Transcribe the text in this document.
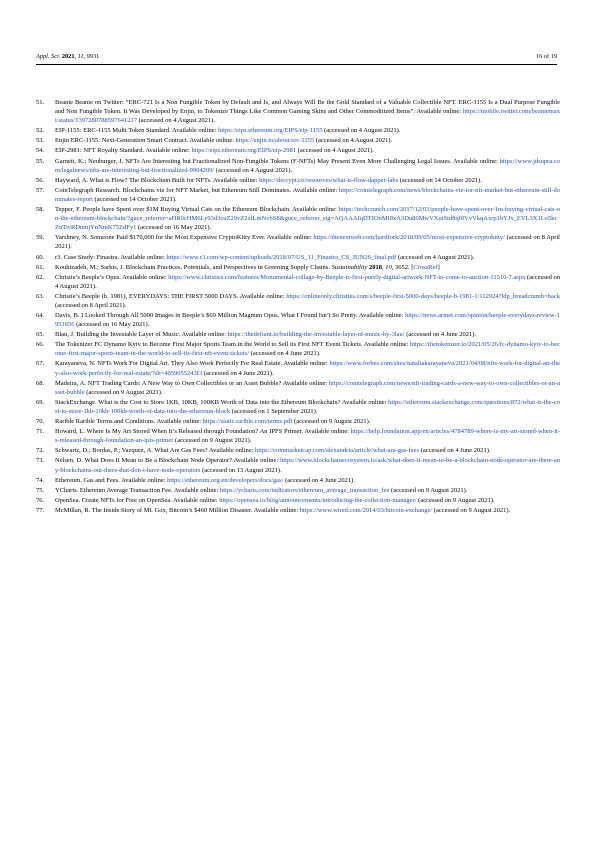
Appl. Sci. 2021, 11, 9931	16 of 19
51.	Beanie Beanie on Twitter: “ERC-721 Is a Non Fungible Token by Default and Is, and Always Will Be the Gold Standard of a Valuable Collectible NFT. ERC-1155 Is a Dual Purpose Fungible and Non Fungible Token. It Was Developed by Enjin, to Tokenize Things Like Common Gaming Skins and Other Commoditized Items”. Available online: https://mobile.twitter.com/beaniemaxi/status/1397280788597641217 (accessed on 4 August 2021).
52.	EIP-1155: ERC-1155 Multi Token Standard. Available online: https://eips.ethereum.org/EIPS/eip-1155 (accessed on 4 August 2021).
53.	Enjin ERC-1155: Next-Generation Smart Contract. Available online: https://enjin.io/about/erc-1155 (accessed on 4 August 2021).
54.	EIP-2981: NFT Royalty Standard. Available online: https://eips.ethereum.org/EIPS/eip-2981 (accessed on 4 August 2021).
55.	Garnett, K.; Neuburger, J. NFTs Are Interesting but Fractionalized Non-Fungible Tokens (F-NFTs) May Present Even More Challenging Legal Issues. Available online: https://www.jdsupra.com/legalnews/nfts-are-interesting-but-fractionalized-9904209/ (accessed on 4 August 2021).
56.	Hayward, A. What is Flow? The Blockchain Built for NFTs. Available online: https://decrypt.co/resources/what-is-flow-dapper-labs (accessed on 14 October 2021).
57.	CoinTelegraph Research. Blockchains vie for NFT Market, but Ethereum Still Dominates. Available online: https://cointelegraph.com/news/blockchains-vie-for-nft-market-but-ethereum-still-dominates-report (accessed on 14 October 2021).
58.	Tepper, F. People have Spent over $1M Buying Virtual Cats on the Ethereum Blockchain. Available online: https://techcrunch.com/2017/12/03/people-have-spent-over-1m-buying-virtual-cats-on-the-ethereum-blockchain/?guce_referrer=aHR0cHM6Ly93d3cuZ29vZ2xlLmNvbS8&guce_referrer_sig=AQAAAIqDTIOnMI8xA3Du86MwVXutStd8q0IVvVkqAxrp1bYJx_EVL3X1Lo5krZuTivRDumjYnNmK75ZdFy1 (accessed on 16 May 2021).
59.	Varshney, N. Someone Paid $170,000 for the Most Expensive CryptoKitty Ever. Available online: https://thenextweb.com/hardfork/2018/09/05/most-expensive-cryptokitty/ (accessed on 8 April 2021).
60.	r3. Case Study: Finastra. Available online: https://www.r3.com/wp-content/uploads/2018/07/US_11_Finastra_CS_JUN26_final.pdf (accessed on 4 August 2021).
61.	Kouhizadeh, M.; Sarkis, J. Blockchain Practices, Potentials, and Perspectives in Greening Supply Chains. Sustainability 2018, 10, 3652. [CrossRef]
62.	Christie’s Beeple’s Opus. Available online: https://www.christies.com/features/Monumental-collage-by-Beeple-is-first-purely-digital-artwork-NFT-to-come-to-auction-11510-7.aspx (accessed on 4 August 2021).
63.	Christie’s Beeple (b. 1981), EVERYDAYS: THE FIRST 5000 DAYS. Available online: https://onlineonly.christies.com/s/beeple-first-5000-days/beeple-b-1981-1/112924?ldp_breadcrumb=back (accessed on 8 April 2021).
64.	Davis, B. I Looked Through All 5000 Images in Beeple’s $69 Million Magnum Opus. What I Found Isn’t So Pretty. Available online: https://news.artnet.com/opinion/beeple-everydays-review-1951656 (accessed on 16 May 2021).
65.	Blau, J. Building the Investable Layer of Music. Available online: https://thedefiant.io/building-the-investable-layer-of-music-by-3lau/ (accessed on 4 June 2021).
66.	The Tokenizer FC Dynamo Kyiv to Become First Major Sports Team in the World to Sell its First NFT Event Tickets. Available online: https://thetokenizer.io/2021/05/26/fc-dynamo-kyiv-to-become-first-major-sports-team-in-the-world-to-sell-its-first-nft-event-tickets/ (accessed on 4 June 2021).
67.	Karayaneva, N. NFTs Work For Digital Art. They Also Work Perfectly For Real Estate. Available online: https://www.forbes.com/sites/nataliakarayaneva/2021/04/08/nfts-work-for-digital-art-they-also-work-perfectly-for-real-estate/?sh=4059055243f3 (accessed on 4 June 2021).
68.	Madeira, A. NFT Trading Cards: A New Way to Own Collectibles or an Asset Bubble? Available online: https://cointelegraph.com/news/nft-trading-cards-a-new-way-to-own-collectibles-or-an-asset-bubble (accessed on 9 August 2021).
69.	StackExchange. What is the Cost to Store 1KB, 10KB, 100KB Worth of Data into the Ethereum Blockchain? Available online: https://ethereum.stackexchange.com/questions/872/what-is-the-cost-to-store-1kb-10kb-100kb-worth-of-data-into-the-ethereum-block (accessed on 1 September 2021).
70.	Rarible Rarible Terms and Conditions. Available online: https://static.rarible.com/terms.pdf (accessed on 9 August 2021).
71.	Howard, L. Where Is My Art Stored When It’s Released through Foundation? An IPFS Primer. Available online: https://help.foundation.app/en/articles/4784789-where-is-my-art-stored-when-it-s-released-through-foundation-an-ipfs-primer (accessed on 9 August 2021).
72.	Schwartz, D.; Bordas, P.; Vazquez, A. What Are Gas Fees? Available online: https://coinmarketcap.com/alexandria/article/what-are-gas-fees (accessed on 4 June 2021).
73.	Nelsen, D. What Does It Mean to Be a Blockchain Node Operator? Available online: https://www.blockchainecosystem.io/ask/what-does-it-mean-to-be-a-blockchain-node-operator-are-there-any-blockchains-out-there-that-don-t-have-node-operators (accessed on 13 August 2021).
74.	Ethereum. Gas and Fees. Available online: https://ethereum.org/en/developers/docs/gas/ (accessed on 4 June 2021).
75.	YCharts. Ethereum Average Transaction Fee. Available online: https://ycharts.com/indicators/ethereum_average_transaction_fee (accessed on 9 August 2021).
76.	OpenSea. Create NFTs for Free on OpenSea. Available online: https://opensea.io/blog/announcements/introducing-the-collection-manager/ (accessed on 9 August 2021).
77.	McMillan, R. The Inside Story of Mt. Gox, Bitcoin’s $460 Million Disaster. Available online: https://www.wired.com/2014/03/bitcoin-exchange/ (accessed on 9 August 2021).
